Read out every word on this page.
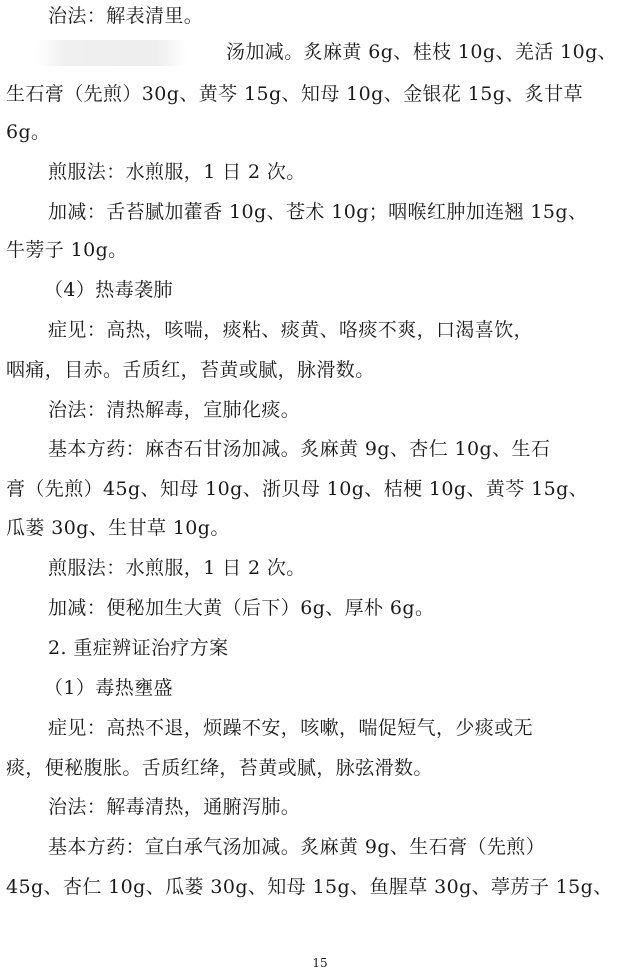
治法：解表清里。
汤加减。炙麻黄 6g、桂枝 10g、羌活 10g、
生石膏（先煎）30g、黄芩 15g、知母 10g、金银花 15g、炙甘草
6g。
煎服法：水煎服，1 日 2 次。
加减：舌苔腻加藿香 10g、苍术 10g；咽喉红肿加连翘 15g、
牛蒡子 10g。
（4）热毒袭肺
症见：高热，咳喘，痰粘、痰黄、咯痰不爽，口渴喜饮，
咽痛，目赤。舌质红，苔黄或腻，脉滑数。
治法：清热解毒，宣肺化痰。
基本方药：麻杏石甘汤加减。炙麻黄 9g、杏仁 10g、生石
膏（先煎）45g、知母 10g、浙贝母 10g、桔梗 10g、黄芩 15g、
瓜蒌 30g、生甘草 10g。
煎服法：水煎服，1 日 2 次。
加减：便秘加生大黄（后下）6g、厚朴 6g。
2. 重症辨证治疗方案
（1）毒热壅盛
症见：高热不退，烦躁不安，咳嗽，喘促短气，少痰或无
痰，便秘腹胀。舌质红绛，苔黄或腻，脉弦滑数。
治法：解毒清热，通腑泻肺。
基本方药：宣白承气汤加减。炙麻黄 9g、生石膏（先煎）
45g、杏仁 10g、瓜蒌 30g、知母 15g、鱼腥草 30g、葶苈子 15g、
15
